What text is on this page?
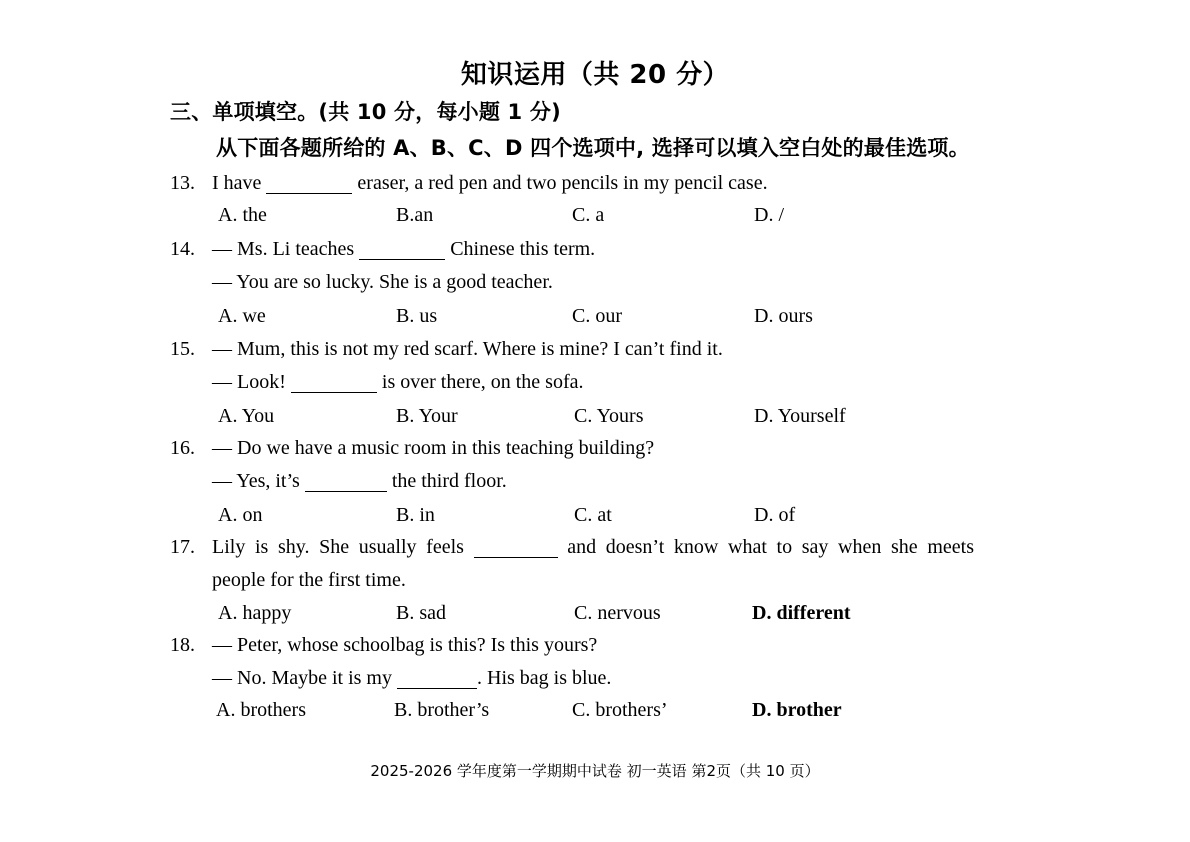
知识运用（共 20 分）
三、单项填空。(共 10 分，每小题 1 分)
从下面各题所给的 A、B、C、D 四个选项中, 选择可以填入空白处的最佳选项。
13. I have	eraser, a red pen and two pencils in my pencil case.
A. the	B.an	C. a	D. /
14. — Ms. Li teaches	Chinese this term.
— You are so lucky. She is a good teacher.
A. we	B. us	C. our	D. ours
15. — Mum, this is not my red scarf. Where is mine? I can’t find it.
— Look!	is over there, on the sofa.
A. You	B. Your	C. Yours	D. Yourself
16. — Do we have a music room in this teaching building?
— Yes, it’s	the third floor.
A. on	B. in	C. at	D. of
17. Lily is shy. She usually feels	and doesn’t know what to say when she meets
people for the first time.
A. happy	B. sad	C. nervous	D. different
18. — Peter, whose schoolbag is this? Is this yours?
— No. Maybe it is my	. His bag is blue.
A. brothers	B. brother’s	C. brothers’	D. brother
2025-2026 学年度第一学期期中试卷 初一英语 第2页（共 10 页）
